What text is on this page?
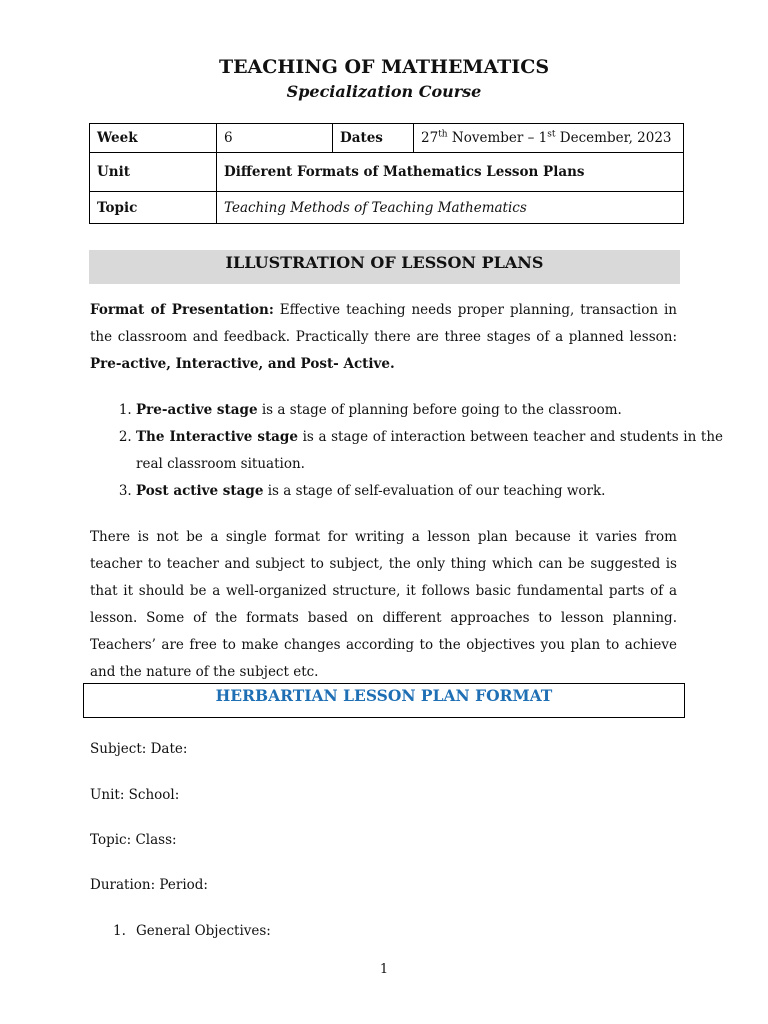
TEACHING OF MATHEMATICS
Specialization Course
Week	6	Dates	27th November – 1st December, 2023
Unit	Different Formats of Mathematics Lesson Plans		
Topic	Teaching Methods of Teaching Mathematics		
ILLUSTRATION OF LESSON PLANS

Format of Presentation: Effective teaching needs proper planning, transaction in the classroom and feedback. Practically there are three stages of a planned lesson: Pre-active, Interactive, and Post- Active.

1. Pre-active stage is a stage of planning before going to the classroom.
2. The Interactive stage is a stage of interaction between teacher and students in the real classroom situation.
3. Post active stage is a stage of self-evaluation of our teaching work.

There is not be a single format for writing a lesson plan because it varies from teacher to teacher and subject to subject, the only thing which can be suggested is that it should be a well-organized structure, it follows basic fundamental parts of a lesson. Some of the formats based on different approaches to lesson planning. Teachers’ are free to make changes according to the objectives you plan to achieve and the nature of the subject etc.

HERBARTIAN LESSON PLAN FORMAT

Subject: Date:

Unit: School:

Topic: Class:

Duration: Period:

1. General Objectives:
1
